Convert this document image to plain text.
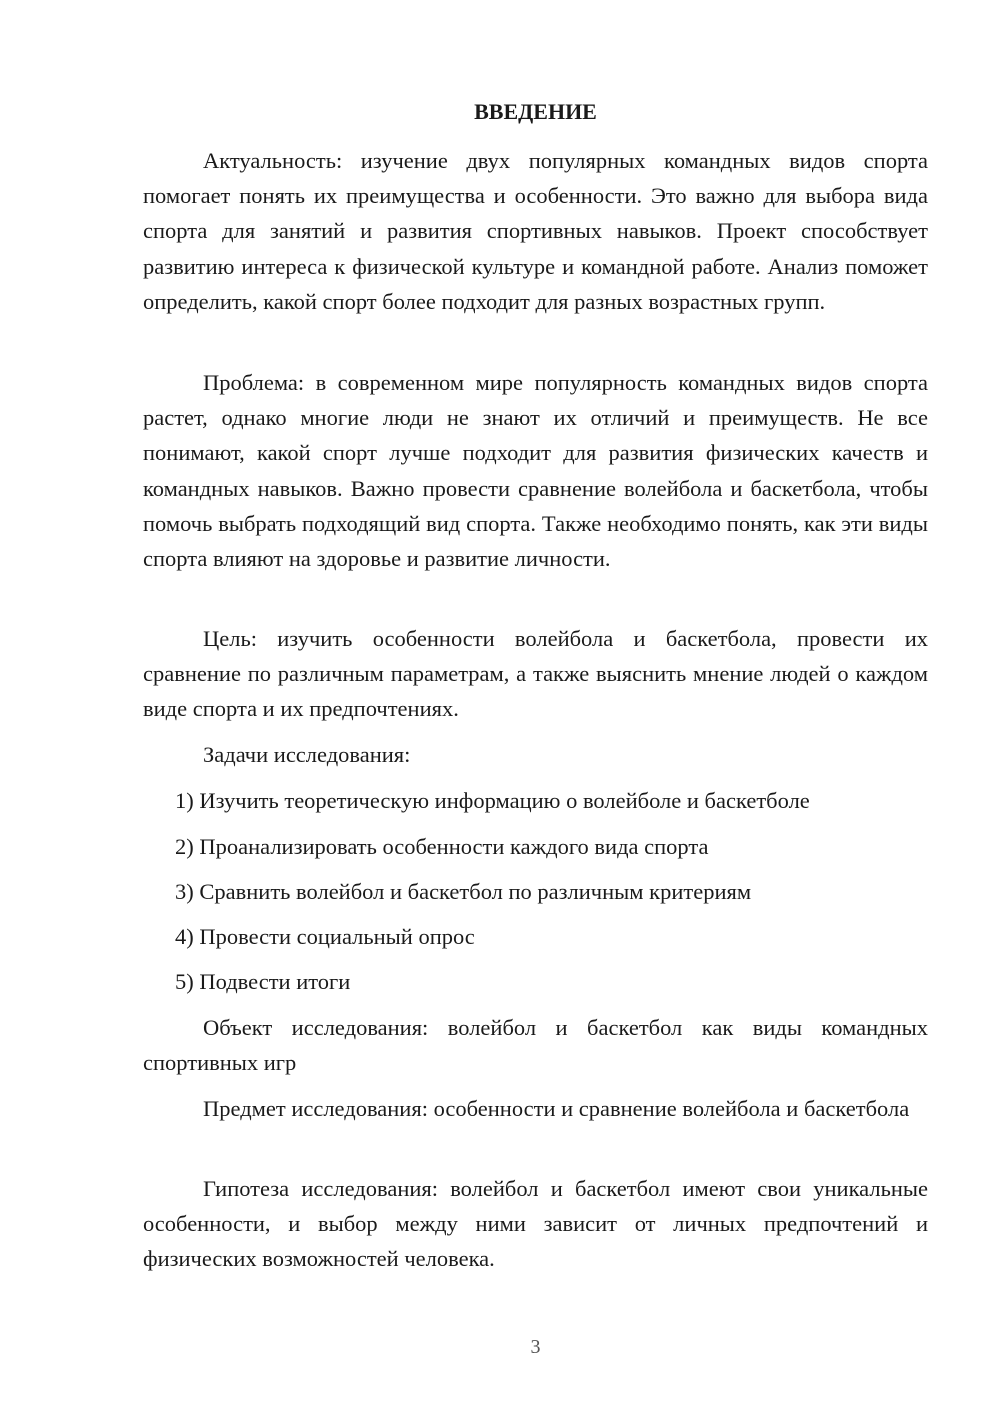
ВВЕДЕНИЕ

Актуальность: изучение двух популярных командных видов спорта помогает понять их преимущества и особенности. Это важно для выбора вида спорта для занятий и развития спортивных навыков. Проект способствует развитию интереса к физической культуре и командной работе. Анализ поможет определить, какой спорт более подходит для разных возрастных групп.

Проблема: в современном мире популярность командных видов спорта растет, однако многие люди не знают их отличий и преимуществ. Не все понимают, какой спорт лучше подходит для развития физических качеств и командных навыков. Важно провести сравнение волейбола и баскетбола, чтобы помочь выбрать подходящий вид спорта. Также необходимо понять, как эти виды спорта влияют на здоровье и развитие личности.

Цель: изучить особенности волейбола и баскетбола, провести их сравнение по различным параметрам, а также выяснить мнение людей о каждом виде спорта и их предпочтениях.

Задачи исследования:

1) Изучить теоретическую информацию о волейболе и баскетболе

2) Проанализировать особенности каждого вида спорта

3) Сравнить волейбол и баскетбол по различным критериям

4) Провести социальный опрос

5) Подвести итоги

Объект исследования: волейбол и баскетбол как виды командных спортивных игр

Предмет исследования: особенности и сравнение волейбола и баскетбола

Гипотеза исследования: волейбол и баскетбол имеют свои уникальные особенности, и выбор между ними зависит от личных предпочтений и физических возможностей человека.

3
